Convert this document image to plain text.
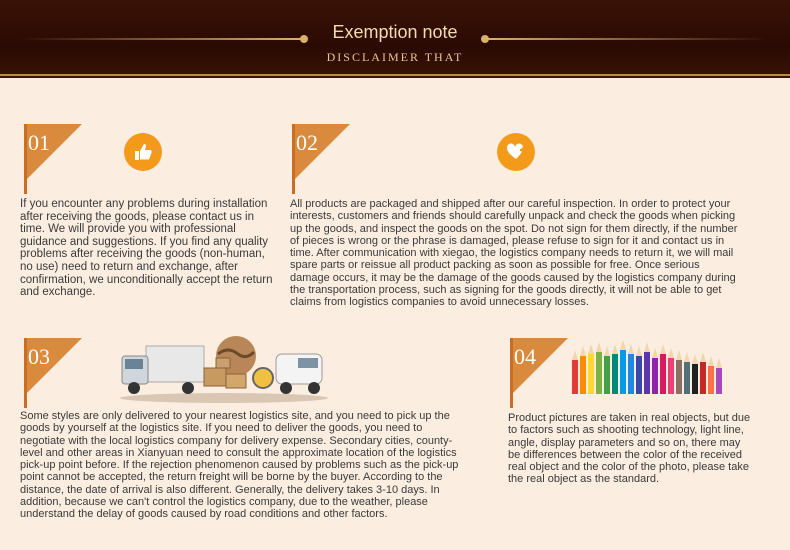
Exemption note
DISCLAIMER THAT
01

If you encounter any problems during installation after receiving the goods, please contact us in time. We will provide you with professional guidance and suggestions. If you find any quality problems after receiving the goods (non-human, no use) need to return and exchange, after confirmation, we unconditionally accept the return and exchange.

02

All products are packaged and shipped after our careful inspection. In order to protect your interests, customers and friends should carefully unpack and check the goods when picking up the goods, and inspect the goods on the spot. Do not sign for them directly, if the number of pieces is wrong or the phrase is damaged, please refuse to sign for it and contact us in time. After communication with xiegao, the logistics company needs to return it, we will mail spare parts or reissue all product packing as soon as possible for free. Once serious damage occurs, it may be the damage of the goods caused by the logistics company during the transportation process, such as signing for the goods directly, it will not be able to get claims from logistics companies to avoid unnecessary losses.

03

Some styles are only delivered to your nearest logistics site, and you need to pick up the goods by yourself at the logistics site. If you need to deliver the goods, you need to negotiate with the local logistics company for delivery expense. Secondary cities, county-level and other areas in Xianyuan need to consult the approximate location of the logistics pick-up point before. If the rejection phenomenon caused by problems such as the pick-up point cannot be accepted, the return freight will be borne by the buyer. According to the distance, the date of arrival is also different. Generally, the delivery takes 3-10 days. In addition, because we can't control the logistics company, due to the weather, please understand the delay of goods caused by road conditions and other factors.

04

Product pictures are taken in real objects, but due to factors such as shooting technology, light line, angle, display parameters and so on, there may be differences between the color of the received real object and the color of the photo, please take the real object as the standard.
